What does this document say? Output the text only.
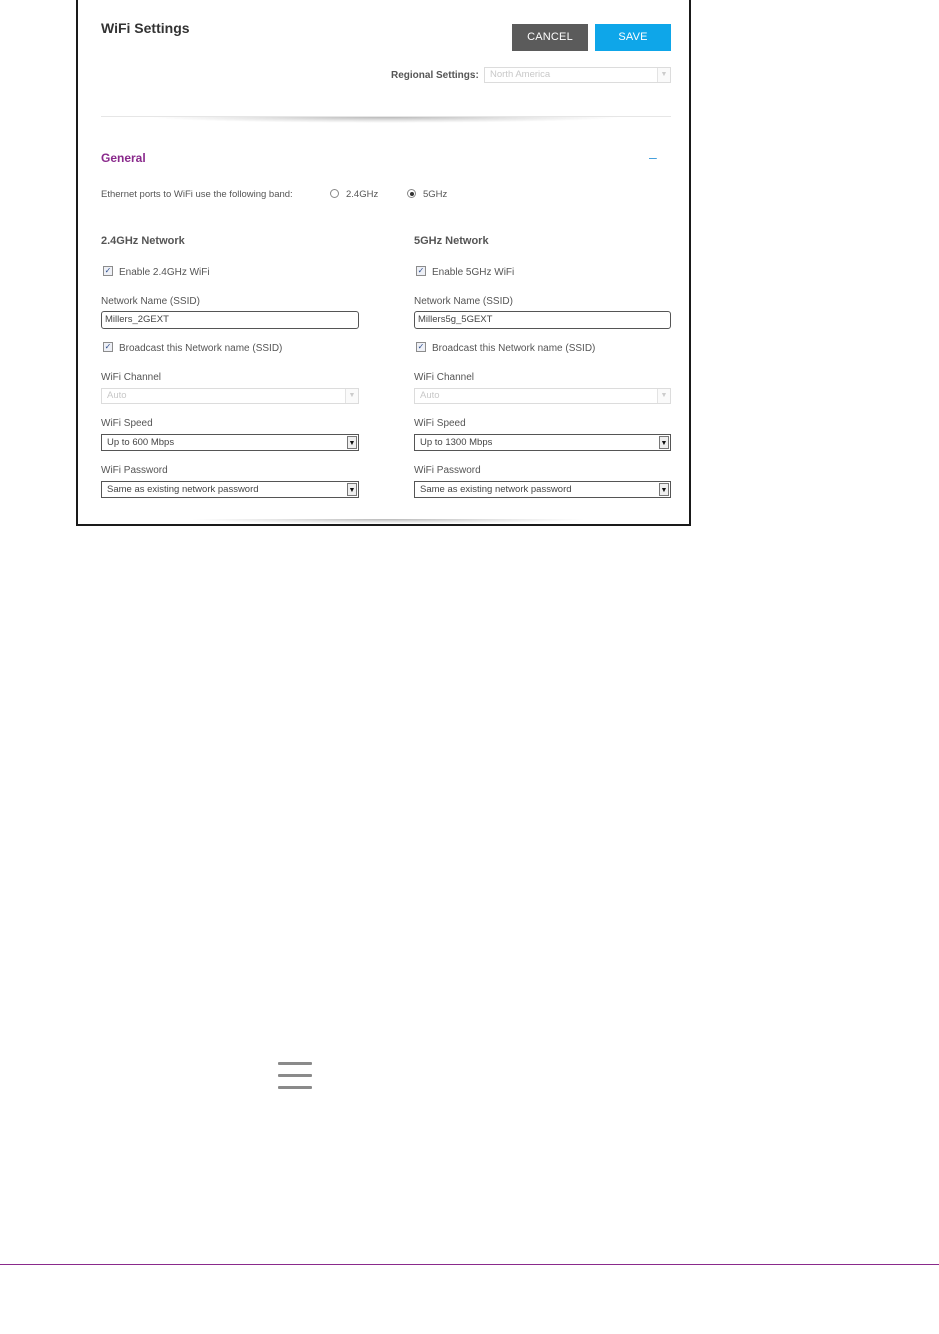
WiFi Settings
CANCEL	SAVE
Regional Settings:	North America	▼
General	–
Ethernet ports to WiFi use the following band:	2.4GHz	5GHz
2.4GHz Network
✓ Enable 2.4GHz WiFi
Network Name (SSID)
Millers_2GEXT
✓ Broadcast this Network name (SSID)
WiFi Channel
Auto	▼
WiFi Speed
Up to 600 Mbps	▼
WiFi Password
Same as existing network password	▼
5GHz Network
✓ Enable 5GHz WiFi
Network Name (SSID)
Millers5g_5GEXT
✓ Broadcast this Network name (SSID)
WiFi Channel
Auto	▼
WiFi Speed
Up to 1300 Mbps	▼
WiFi Password
Same as existing network password	▼
